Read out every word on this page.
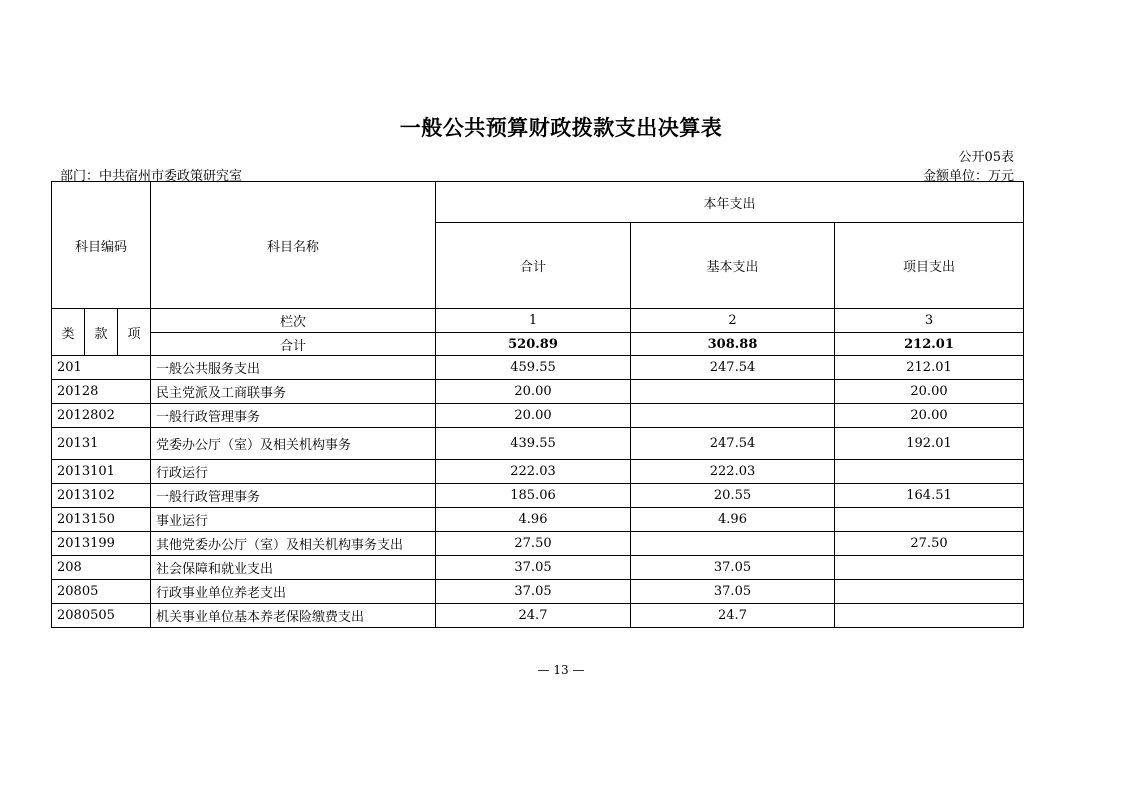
一般公共预算财政拨款支出决算表
公开05表
部门：中共宿州市委政策研究室	金额单位：万元
科目编码			科目名称	本年支出		
				合计	基本支出	项目支出
类	款	项	栏次	1	2	3
			合计	520.89	308.88	212.01
201			一般公共服务支出	459.55	247.54	212.01
20128			民主党派及工商联事务	20.00		20.00
2012802			一般行政管理事务	20.00		20.00
20131			党委办公厅（室）及相关机构事务	439.55	247.54	192.01
2013101			行政运行	222.03	222.03	
2013102			一般行政管理事务	185.06	20.55	164.51
2013150			事业运行	4.96	4.96	
2013199			其他党委办公厅（室）及相关机构事务支出	27.50		27.50
208			社会保障和就业支出	37.05	37.05	
20805			行政事业单位养老支出	37.05	37.05	
2080505			机关事业单位基本养老保险缴费支出	24.7	24.7	
— 13 —
